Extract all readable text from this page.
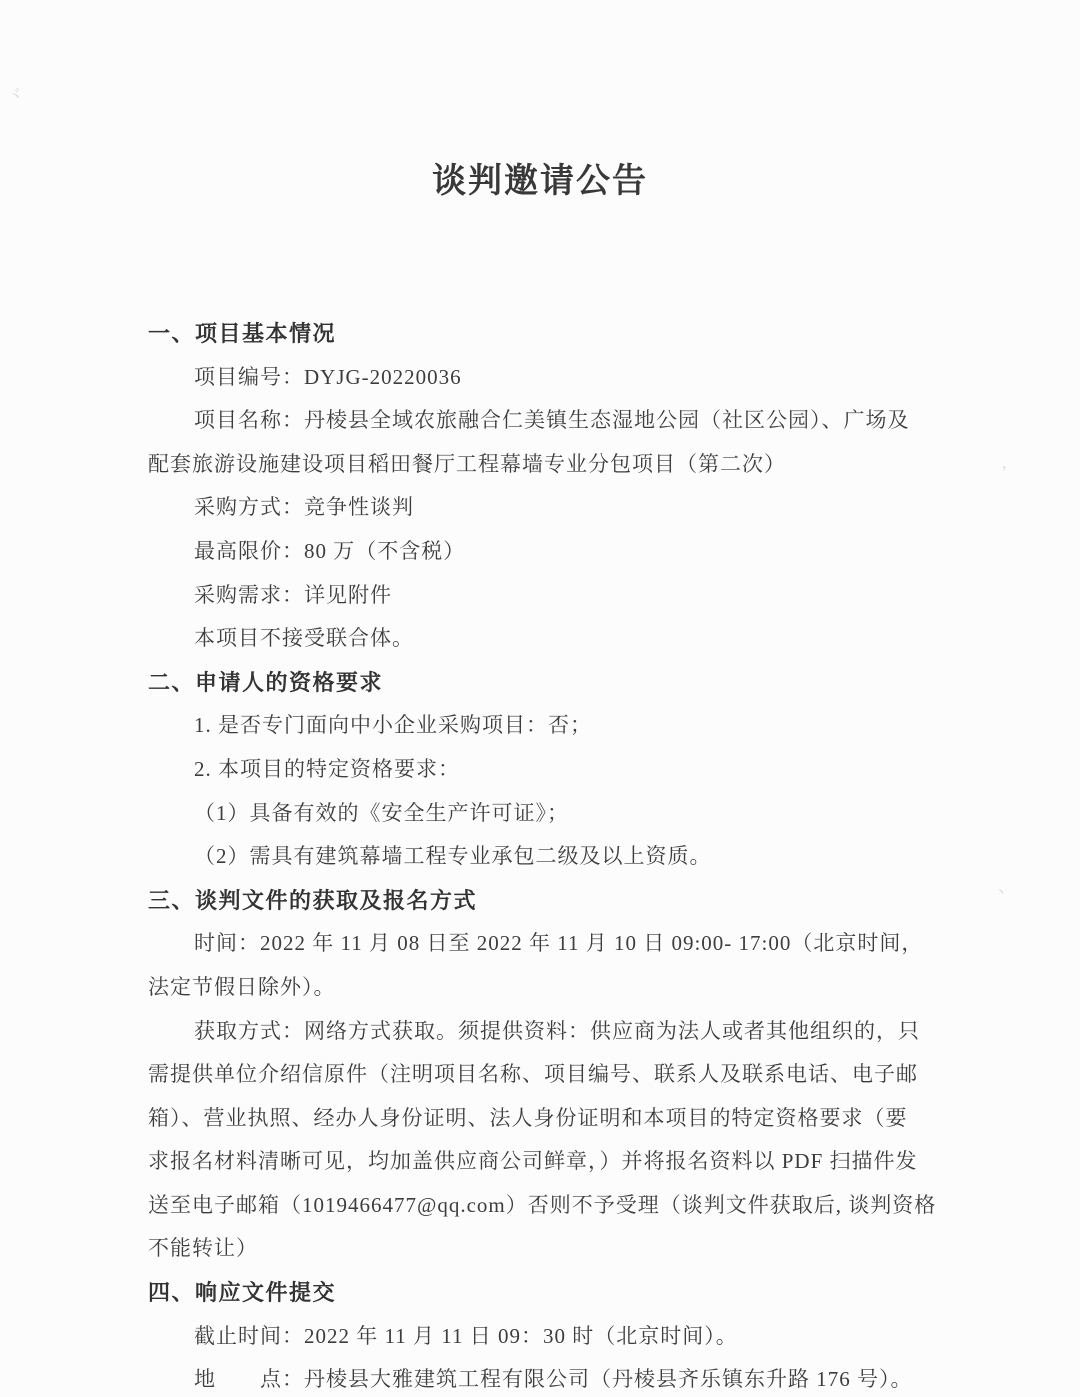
ヾ
,
、
谈判邀请公告

一、项目基本情况

项目编号：DYJG-20220036

项目名称：丹棱县全域农旅融合仁美镇生态湿地公园（社区公园）、广场及

配套旅游设施建设项目稻田餐厅工程幕墙专业分包项目（第二次）

采购方式：竞争性谈判

最高限价：80 万（不含税）

采购需求：详见附件

本项目不接受联合体。

二、申请人的资格要求

1. 是否专门面向中小企业采购项目：否；

2. 本项目的特定资格要求：

（1）具备有效的《安全生产许可证》；

（2）需具有建筑幕墙工程专业承包二级及以上资质。

三、谈判文件的获取及报名方式

时间：2022 年 11 月 08 日至 2022 年 11 月 10 日 09:00- 17:00（北京时间，

法定节假日除外）。

获取方式：网络方式获取。须提供资料：供应商为法人或者其他组织的，只

需提供单位介绍信原件（注明项目名称、项目编号、联系人及联系电话、电子邮

箱）、营业执照、经办人身份证明、法人身份证明和本项目的特定资格要求（要

求报名材料清晰可见，均加盖供应商公司鲜章，）并将报名资料以 PDF 扫描件发

送至电子邮箱（1019466477@qq.com）否则不予受理（谈判文件获取后, 谈判资格

不能转让）

四、响应文件提交

截止时间：2022 年 11 月 11 日 09：30 时（北京时间）。

地　　点：丹棱县大雅建筑工程有限公司（丹棱县齐乐镇东升路 176 号）。
